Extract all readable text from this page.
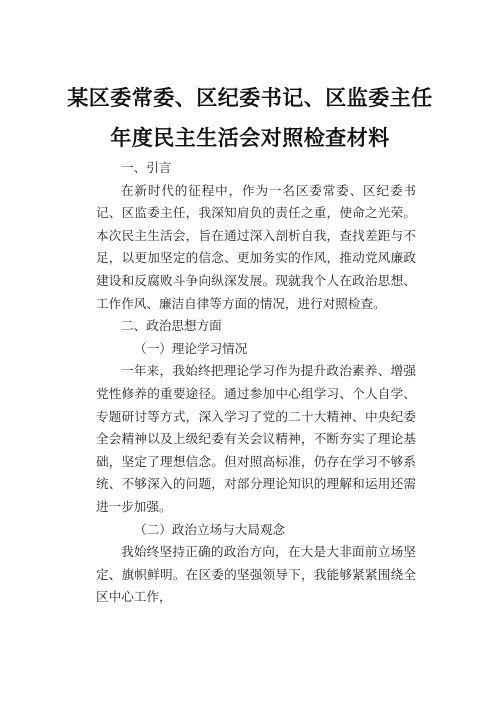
某区委常委、区纪委书记、区监委主任
年度民主生活会对照检查材料

一、引言

在新时代的征程中，作为一名区委常委、区纪委书记、区监委主任，我深知肩负的责任之重，使命之光荣。本次民主生活会，旨在通过深入剖析自我，查找差距与不足，以更加坚定的信念、更加务实的作风，推动党风廉政建设和反腐败斗争向纵深发展。现就我个人在政治思想、工作作风、廉洁自律等方面的情况，进行对照检查。

二、政治思想方面

（一）理论学习情况

一年来，我始终把理论学习作为提升政治素养、增强党性修养的重要途径。通过参加中心组学习、个人自学、专题研讨等方式，深入学习了党的二十大精神、中央纪委全会精神以及上级纪委有关会议精神，不断夯实了理论基础，坚定了理想信念。但对照高标准，仍存在学习不够系统、不够深入的问题，对部分理论知识的理解和运用还需进一步加强。

（二）政治立场与大局观念

我始终坚持正确的政治方向，在大是大非面前立场坚定、旗帜鲜明。在区委的坚强领导下，我能够紧紧围绕全区中心工作，
